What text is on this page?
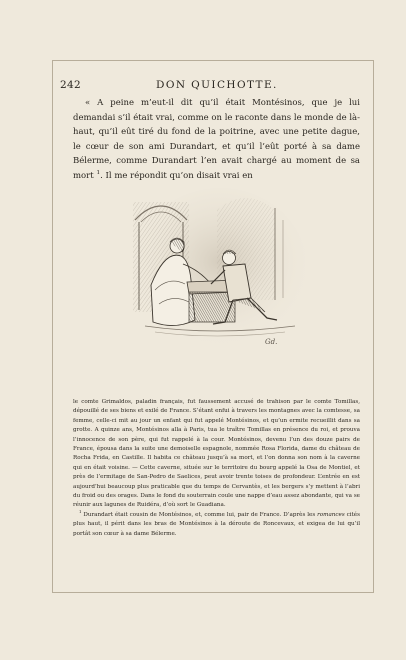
242	DON QUICHOTTE.

« A peine m’eut-il dit qu’il était Montésinos, que je lui demandai s’il était vrai, comme on le raconte dans le monde de là-haut, qu’il eût tiré du fond de la poitrine, avec une petite dague, le cœur de son ami Durandart, et qu’il l’eût porté à sa dame Bélerme, comme Durandart l’en avait chargé au moment de sa mort $^1$. Il me répondit qu’on disait vrai en

Gd.

le comte Grimaldos, paladin français, fut faussement accusé de trahison par le comte Tomillas, dépouillé de ses biens et exilé de France. S’étant enfui à travers les montagnes avec la comtesse, sa femme, celle-ci mit au jour un enfant qui fut appelé Montésinos, et qu’un ermite recueillit dans sa grotte. A quinze ans, Montésinos alla à Paris, tua le traître Tomillas en présence du roi, et prouva l’innocence de son père, qui fut rappelé à la cour. Montésinos, devenu l’un des douze pairs de France, épousa dans la suite une demoiselle espagnole, nommée Rosa Florida, dame du château de Rocha Frida, en Castille. Il habita ce château jusqu’à sa mort, et l’on donna son nom à la caverne qui en était voisine. — Cette caverne, située sur le territoire du bourg appelé la Osa de Montiel, et près de l’ermitage de San-Pedro de Saelices, peut avoir trente toises de profondeur. L’entrée en est aujourd’hui beaucoup plus praticable que du temps de Cervantès, et les bergers s’y mettent à l’abri du froid ou des orages. Dans le fond du souterrain coule une nappe d’eau assez abondante, qui va se réunir aux lagunes de Ruidéra, d’où sort le Guadiana.

$^1$ Durandart était cousin de Montésinos, et, comme lui, pair de France. D’après les romances cités plus haut, il périt dans les bras de Montésinos à la déroute de Roncevaux, et exigea de lui qu’il portât son cœur à sa dame Bélerme.
